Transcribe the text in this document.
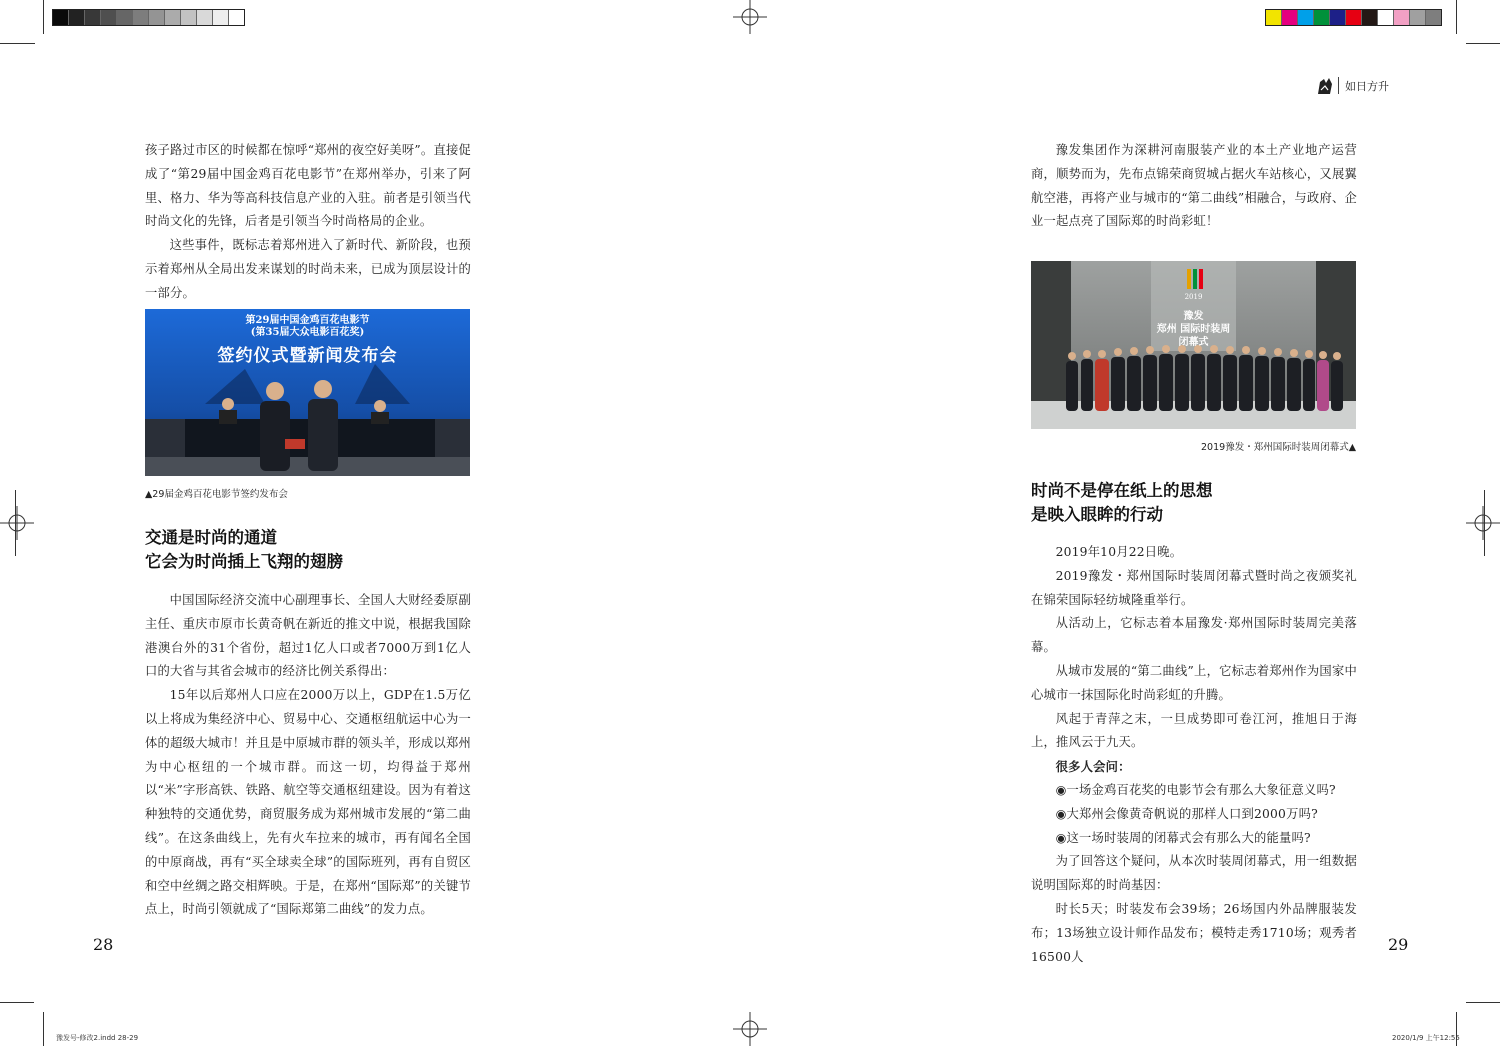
如日方升

孩子路过市区的时候都在惊呼“郑州的夜空好美呀”。直接促成了“第29届中国金鸡百花电影节”在郑州举办，引来了阿里、格力、华为等高科技信息产业的入驻。前者是引领当代时尚文化的先锋，后者是引领当今时尚格局的企业。

这些事件，既标志着郑州进入了新时代、新阶段，也预示着郑州从全局出发来谋划的时尚未来，已成为顶层设计的一部分。

第29届中国金鸡百花电影节
(第35届大众电影百花奖)
签约仪式暨新闻发布会
▲29届金鸡百花电影节签约发布会
交通是时尚的通道
它会为时尚插上飞翔的翅膀

中国国际经济交流中心副理事长、全国人大财经委原副主任、重庆市原市长黄奇帆在新近的推文中说，根据我国除港澳台外的31个省份，超过1亿人口或者7000万到1亿人口的大省与其省会城市的经济比例关系得出：

15年以后郑州人口应在2000万以上，GDP在1.5万亿以上将成为集经济中心、贸易中心、交通枢纽航运中心为一体的超级大城市！并且是中原城市群的领头羊，形成以郑州为中心枢纽的一个城市群。而这一切，均得益于郑州以“米”字形高铁、铁路、航空等交通枢纽建设。因为有着这种独特的交通优势，商贸服务成为郑州城市发展的“第二曲线”。在这条曲线上，先有火车拉来的城市，再有闻名全国的中原商战，再有“买全球卖全球”的国际班列，再有自贸区和空中丝绸之路交相辉映。于是，在郑州“国际郑”的关键节点上，时尚引领就成了“国际郑第二曲线”的发力点。

28

豫发集团作为深耕河南服装产业的本土产业地产运营商，顺势而为，先布点锦荣商贸城占据火车站核心，又展翼航空港，再将产业与城市的“第二曲线”相融合，与政府、企业一起点亮了国际郑的时尚彩虹！

2019
豫发
郑州 国际时装周
闭幕式
2019豫发・郑州国际时装周闭幕式▲
时尚不是停在纸上的思想
是映入眼眸的行动

2019年10月22日晚。

2019豫发・郑州国际时装周闭幕式暨时尚之夜颁奖礼在锦荣国际轻纺城隆重举行。

从活动上，它标志着本届豫发·郑州国际时装周完美落幕。

从城市发展的“第二曲线”上，它标志着郑州作为国家中心城市一抹国际化时尚彩虹的升腾。

风起于青萍之末，一旦成势即可卷江河，推旭日于海上，推风云于九天。

很多人会问：

◉一场金鸡百花奖的电影节会有那么大象征意义吗?

◉大郑州会像黄奇帆说的那样人口到2000万吗?

◉这一场时装周的闭幕式会有那么大的能量吗?

为了回答这个疑问，从本次时装周闭幕式，用一组数据说明国际郑的时尚基因：

时长5天；时装发布会39场；26场国内外品牌服装发布；13场独立设计师作品发布；模特走秀1710场；观秀者16500人

29
豫发号-修改2.indd 28-29	2020/1/9 上午12:55
